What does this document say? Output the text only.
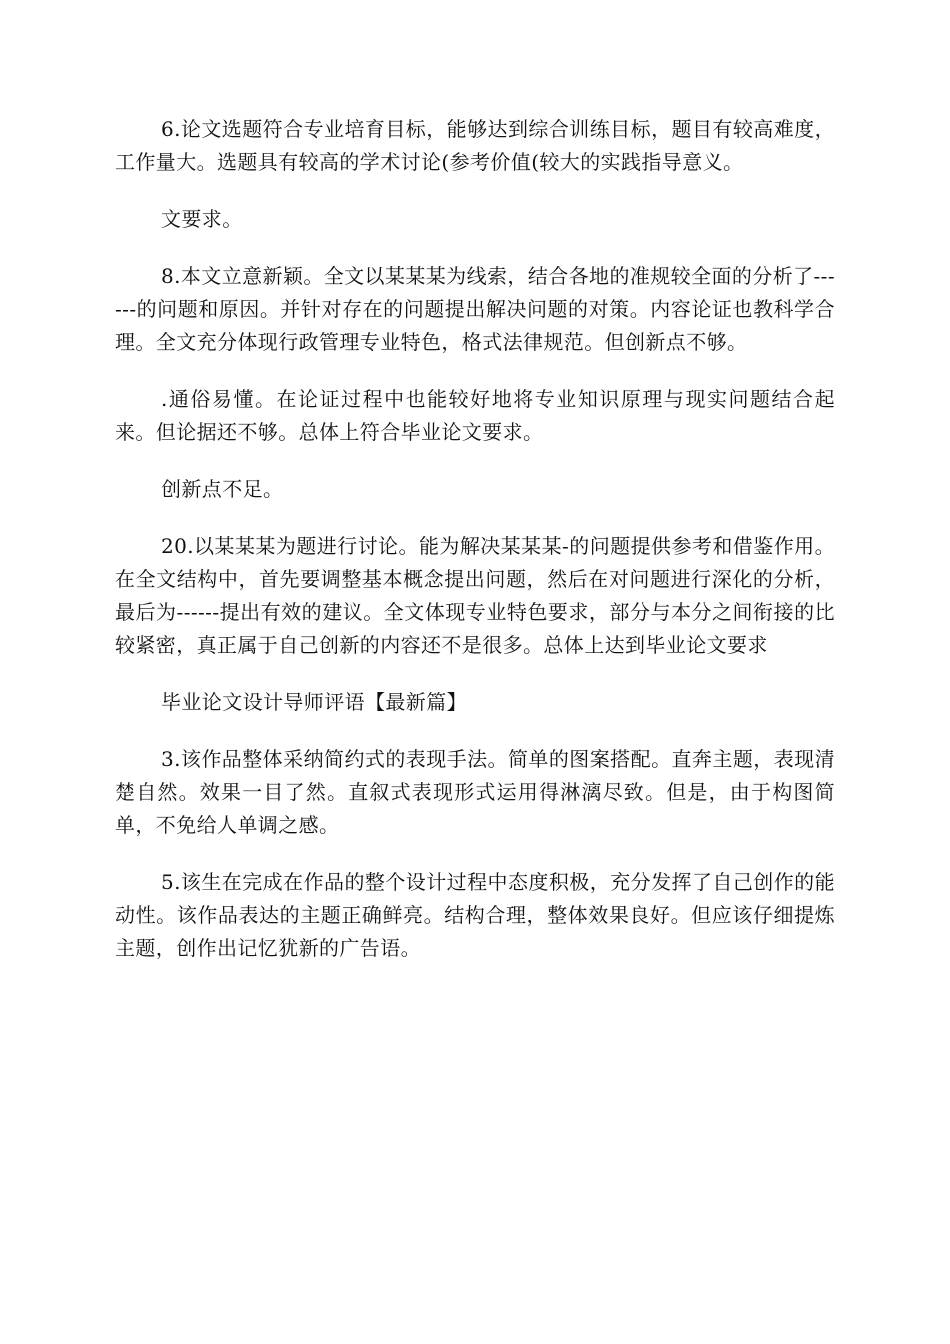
6.论文选题符合专业培育目标，能够达到综合训练目标，题目有较高难度，工作量大。选题具有较高的学术讨论(参考价值(较大的实践指导意义。

文要求。

8.本文立意新颖。全文以某某某为线索，结合各地的准规较全面的分析了------的问题和原因。并针对存在的问题提出解决问题的对策。内容论证也教科学合理。全文充分体现行政管理专业特色，格式法律规范。但创新点不够。

.通俗易懂。在论证过程中也能较好地将专业知识原理与现实问题结合起来。但论据还不够。总体上符合毕业论文要求。

创新点不足。

20.以某某某为题进行讨论。能为解决某某某-的问题提供参考和借鉴作用。在全文结构中，首先要调整基本概念提出问题，然后在对问题进行深化的分析，最后为------提出有效的建议。全文体现专业特色要求，部分与本分之间衔接的比较紧密，真正属于自己创新的内容还不是很多。总体上达到毕业论文要求

毕业论文设计导师评语【最新篇】

3.该作品整体采纳简约式的表现手法。简单的图案搭配。直奔主题，表现清楚自然。效果一目了然。直叙式表现形式运用得淋漓尽致。但是，由于构图简单，不免给人单调之感。

5.该生在完成在作品的整个设计过程中态度积极，充分发挥了自己创作的能动性。该作品表达的主题正确鲜亮。结构合理，整体效果良好。但应该仔细提炼主题，创作出记忆犹新的广告语。
